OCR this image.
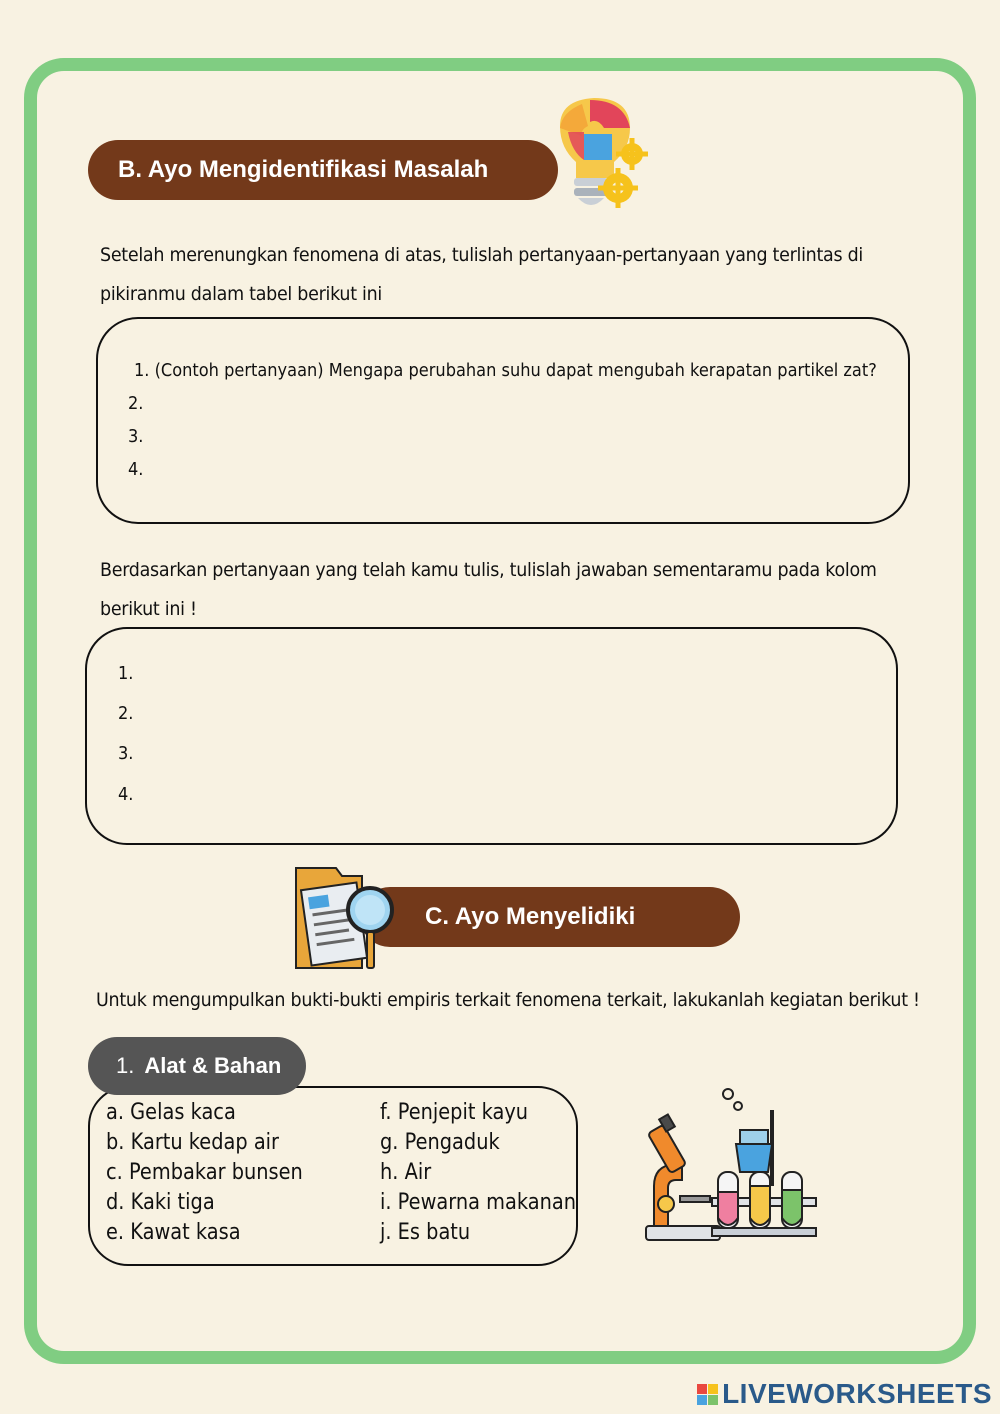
B. Ayo Mengidentifikasi Masalah
Setelah merenungkan fenomena di atas, tulislah pertanyaan-pertanyaan yang terlintas di pikiranmu dalam tabel berikut ini
1. (Contoh pertanyaan) Mengapa perubahan suhu dapat mengubah kerapatan partikel zat?
2.
3.
4.
Berdasarkan pertanyaan yang telah kamu tulis, tulislah jawaban sementaramu pada kolom berikut ini !
1.
2.
3.
4.
C. Ayo Menyelidiki
Untuk mengumpulkan bukti-bukti empiris terkait fenomena terkait, lakukanlah kegiatan berikut !
1. Alat & Bahan
a. Gelas kaca
b. Kartu kedap air
c. Pembakar bunsen
d. Kaki tiga
e. Kawat kasa
f. Penjepit kayu
g. Pengaduk
h. Air
i. Pewarna makanan
j. Es batu
LIVEWORKSHEETS
